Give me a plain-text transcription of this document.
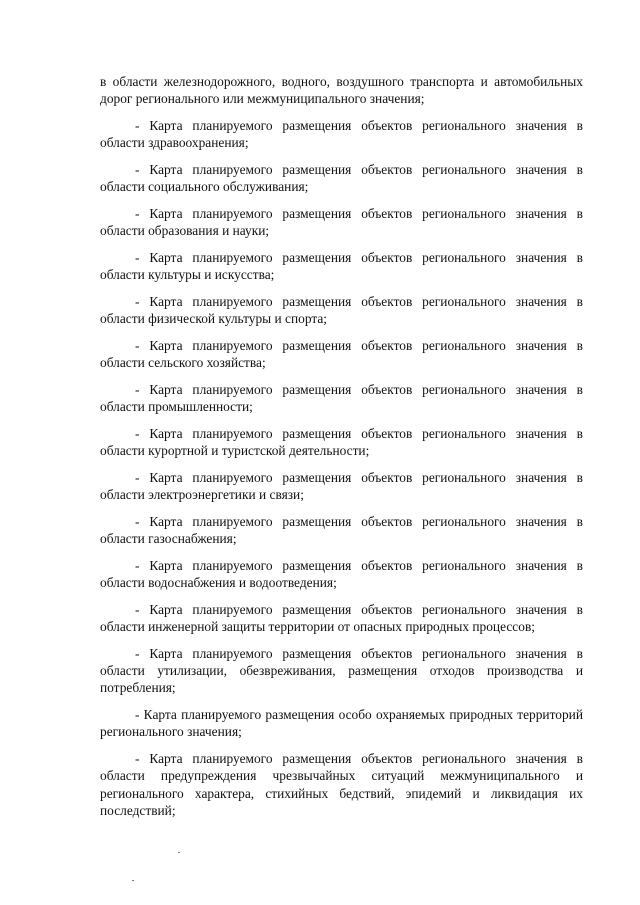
в области железнодорожного, водного, воздушного транспорта и автомобильных дорог регионального или межмуниципального значения;

- Карта планируемого размещения объектов регионального значения в области здравоохранения;

- Карта планируемого размещения объектов регионального значения в области социального обслуживания;

- Карта планируемого размещения объектов регионального значения в области образования и науки;

- Карта планируемого размещения объектов регионального значения в области культуры и искусства;

- Карта планируемого размещения объектов регионального значения в области физической культуры и спорта;

- Карта планируемого размещения объектов регионального значения в области сельского хозяйства;

- Карта планируемого размещения объектов регионального значения в области промышленности;

- Карта планируемого размещения объектов регионального значения в области курортной и туристской деятельности;

- Карта планируемого размещения объектов регионального значения в области электроэнергетики и связи;

- Карта планируемого размещения объектов регионального значения в области газоснабжения;

- Карта планируемого размещения объектов регионального значения в области водоснабжения и водоотведения;

- Карта планируемого размещения объектов регионального значения в области инженерной защиты территории от опасных природных процессов;

- Карта планируемого размещения объектов регионального значения в области утилизации, обезвреживания, размещения отходов производства и потребления;

- Карта планируемого размещения особо охраняемых природных территорий регионального значения;

- Карта планируемого размещения объектов регионального значения в области предупреждения чрезвычайных ситуаций межмуниципального и регионального характера, стихийных бедствий, эпидемий и ликвидация их последствий;
